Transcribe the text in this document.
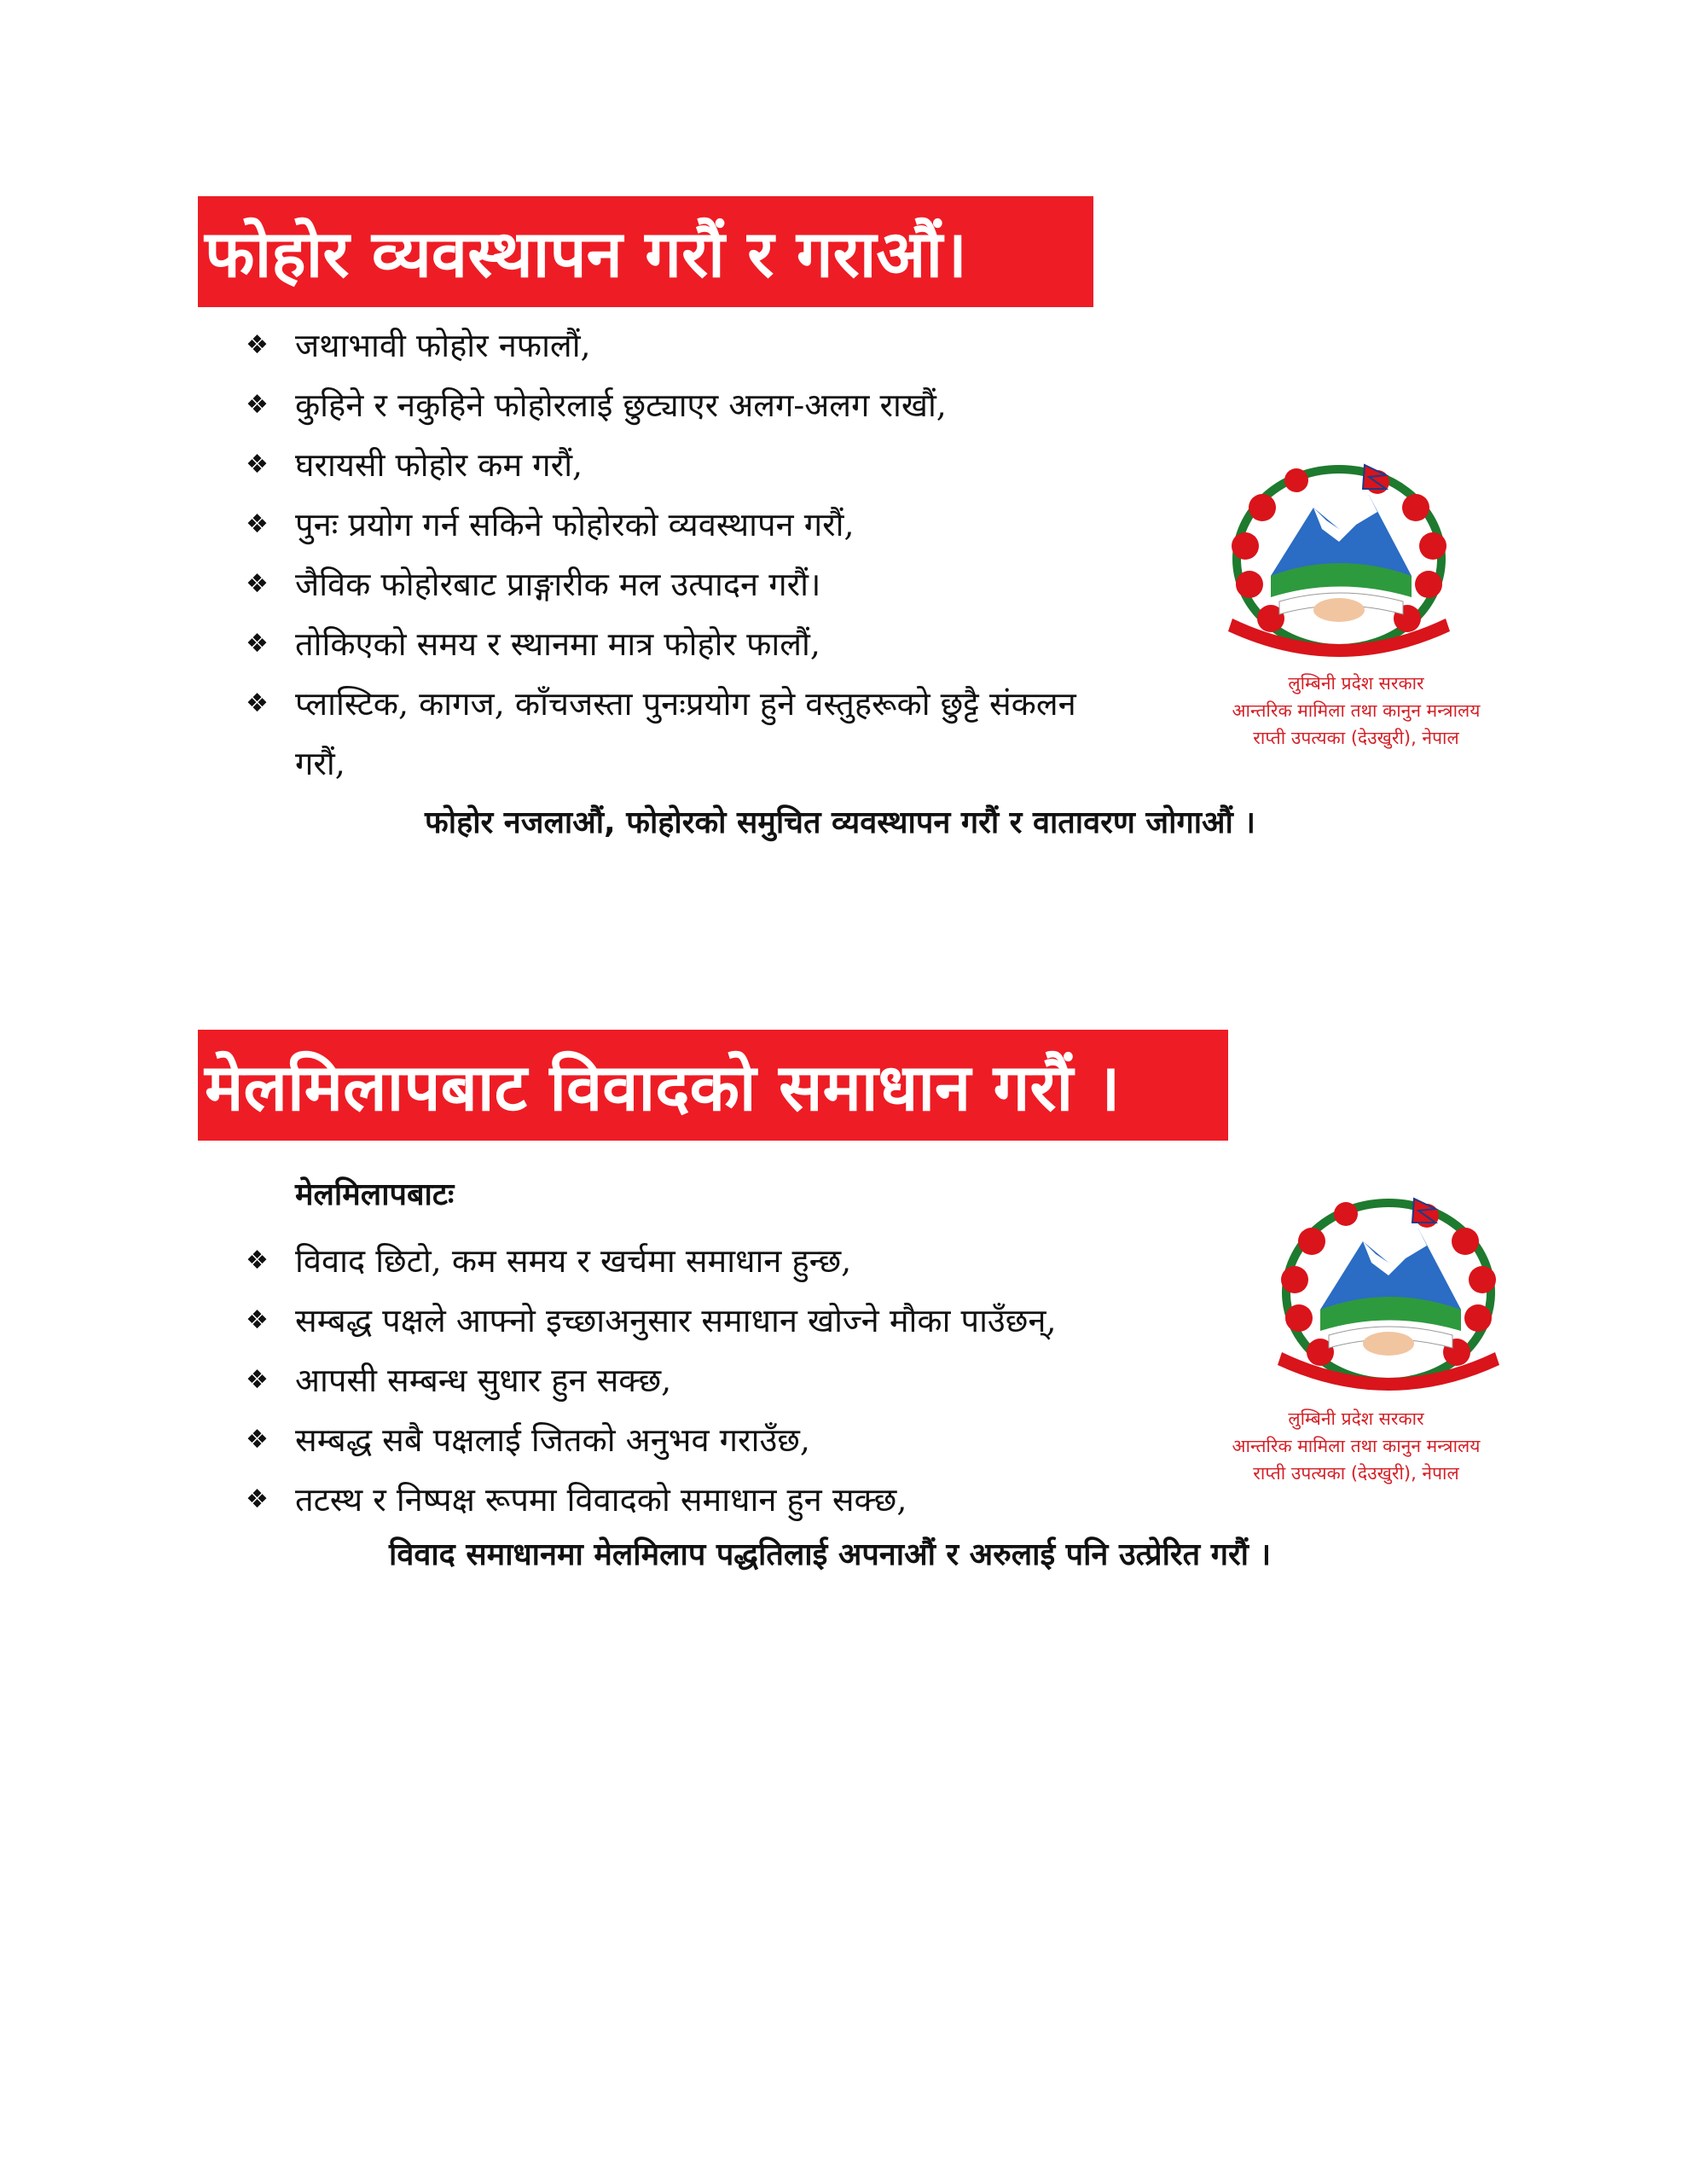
फोहोर व्यवस्थापन गरौं र गराऔं।
❖ जथाभावी फोहोर नफालौं,
❖ कुहिने र नकुहिने फोहोरलाई छुट्याएर अलग-अलग राखौं,
❖ घरायसी फोहोर कम गरौं,
❖ पुनः प्रयोग गर्न सकिने फोहोरको व्यवस्थापन गरौं,
❖ जैविक फोहोरबाट प्राङ्गारीक मल उत्पादन गरौं।
❖ तोकिएको समय र स्थानमा मात्र फोहोर फालौं,
❖ प्लास्टिक, कागज, काँचजस्ता पुनःप्रयोग हुने वस्तुहरूको छुट्टै संकलन गरौं,
फोहोर नजलाऔं, फोहोरको समुचित व्यवस्थापन गरौं र वातावरण जोगाऔं ।
लुम्बिनी प्रदेश सरकार
आन्तरिक मामिला तथा कानुन मन्त्रालय
राप्ती उपत्यका (देउखुरी), नेपाल
मेलमिलापबाट विवादको समाधान गरौं ।
मेलमिलापबाटः
❖ विवाद छिटो, कम समय र खर्चमा समाधान हुन्छ,
❖ सम्बद्ध पक्षले आफ्नो इच्छाअनुसार समाधान खोज्ने मौका पाउँछन्,
❖ आपसी सम्बन्ध सुधार हुन सक्छ,
❖ सम्बद्ध सबै पक्षलाई जितको अनुभव गराउँछ,
❖ तटस्थ र निष्पक्ष रूपमा विवादको समाधान हुन सक्छ,
विवाद समाधानमा मेलमिलाप पद्धतिलाई अपनाऔं र अरुलाई पनि उत्प्रेरित गरौं ।
लुम्बिनी प्रदेश सरकार
आन्तरिक मामिला तथा कानुन मन्त्रालय
राप्ती उपत्यका (देउखुरी), नेपाल
